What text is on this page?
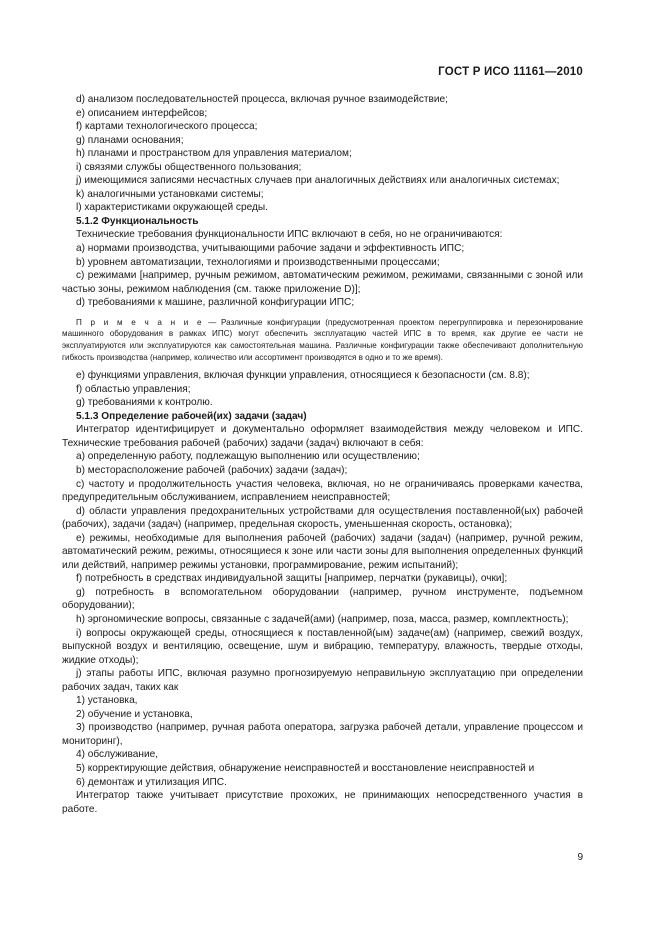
ГОСТ Р ИСО 11161—2010

d) анализом последовательностей процесса, включая ручное взаимодействие;

e) описанием интерфейсов;

f) картами технологического процесса;

g) планами основания;

h) планами и пространством для управления материалом;

i) связями службы общественного пользования;

j) имеющимися записями несчастных случаев при аналогичных действиях или аналогичных системах;

k) аналогичными установками системы;

l) характеристиками окружающей среды.

5.1.2 Функциональность

Технические требования функциональности ИПС включают в себя, но не ограничиваются:

a) нормами производства, учитывающими рабочие задачи и эффективность ИПС;

b) уровнем автоматизации, технологиями и производственными процессами;

c) режимами [например, ручным режимом, автоматическим режимом, режимами, связанными с зоной или частью зоны, режимом наблюдения (см. также приложение D)];

d) требованиями к машине, различной конфигурации ИПС;

П р и м е ч а н и е — Различные конфигурации (предусмотренная проектом перегруппировка и перезонирование машинного оборудования в рамках ИПС) могут обеспечить эксплуатацию частей ИПС в то время, как другие ее части не эксплуатируются или эксплуатируются как самостоятельная машина. Различные конфигурации также обеспечивают дополнительную гибкость производства (например, количество или ассортимент производятся в одно и то же время).

e) функциями управления, включая функции управления, относящиеся к безопасности (см. 8.8);

f) областью управления;

g) требованиями к контролю.

5.1.3 Определение рабочей(их) задачи (задач)

Интегратор идентифицирует и документально оформляет взаимодействия между человеком и ИПС. Технические требования рабочей (рабочих) задачи (задач) включают в себя:

a) определенную работу, подлежащую выполнению или осуществлению;

b) месторасположение рабочей (рабочих) задачи (задач);

c) частоту и продолжительность участия человека, включая, но не ограничиваясь проверками качества, предупредительным обслуживанием, исправлением неисправностей;

d) области управления предохранительных устройствами для осуществления поставленной(ых) рабочей (рабочих), задачи (задач) (например, предельная скорость, уменьшенная скорость, остановка);

e) режимы, необходимые для выполнения рабочей (рабочих) задачи (задач) (например, ручной режим, автоматический режим, режимы, относящиеся к зоне или части зоны для выполнения определенных функций или действий, например режимы установки, программирование, режим испытаний);

f) потребность в средствах индивидуальной защиты [например, перчатки (рукавицы), очки];

g) потребность в вспомогательном оборудовании (например, ручном инструменте, подъемном оборудовании);

h) эргономические вопросы, связанные с задачей(ами) (например, поза, масса, размер, комплектность);

i) вопросы окружающей среды, относящиеся к поставленной(ым) задаче(ам) (например, свежий воздух, выпускной воздух и вентиляцию, освещение, шум и вибрацию, температуру, влажность, твердые отходы, жидкие отходы);

j) этапы работы ИПС, включая разумно прогнозируемую неправильную эксплуатацию при определении рабочих задач, таких как

1) установка,

2) обучение и установка,

3) производство (например, ручная работа оператора, загрузка рабочей детали, управление процессом и мониторинг),

4) обслуживание,

5) корректирующие действия, обнаружение неисправностей и восстановление неисправностей и

6) демонтаж и утилизация ИПС.

Интегратор также учитывает присутствие прохожих, не принимающих непосредственного участия в работе.

9
